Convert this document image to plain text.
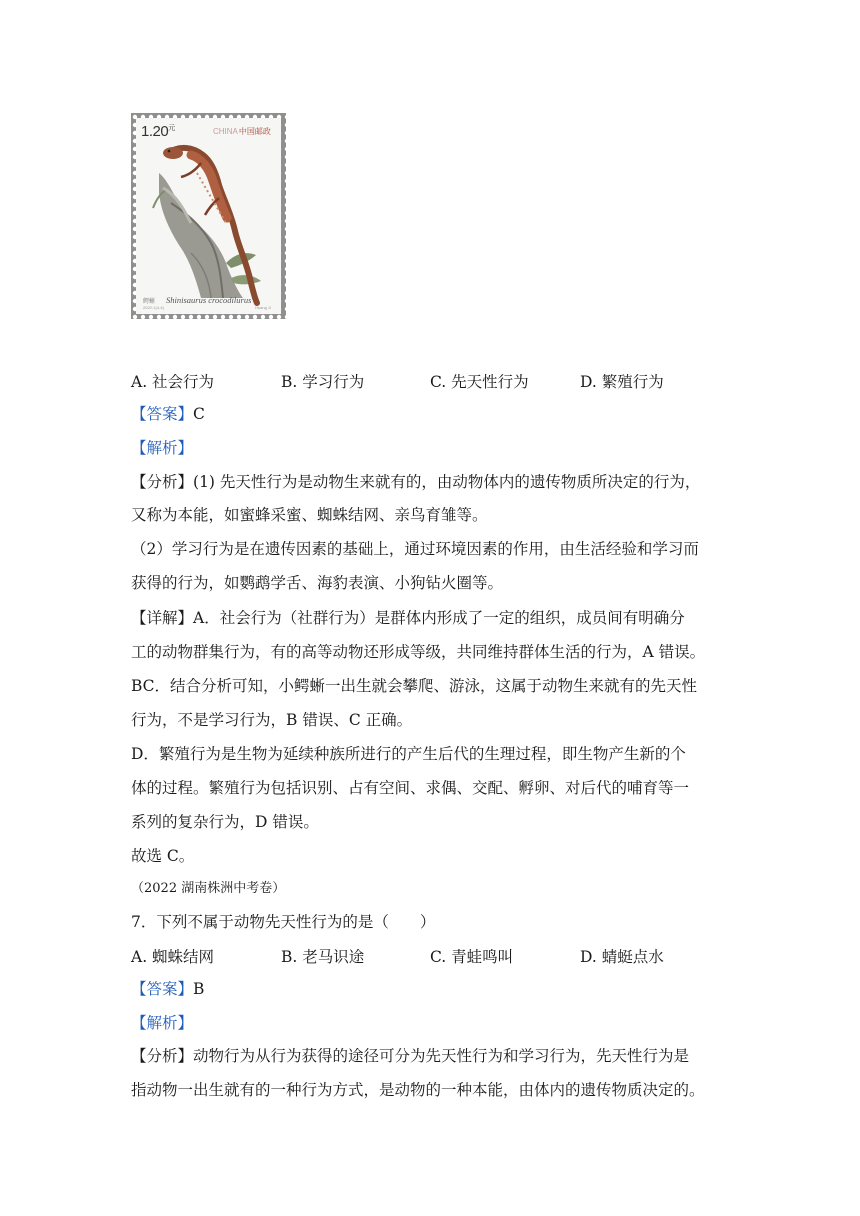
$1.20^元$	CHINA中国邮政
鳄蜥 Shinisaurus crocodilurus
2022-1(4-4)	Huang Ji
A. 社会行为	B. 学习行为	C. 先天性行为	D. 繁殖行为
【答案】C
【解析】
【分析】(1) 先天性行为是动物生来就有的，由动物体内的遗传物质所决定的行为，
又称为本能，如蜜蜂采蜜、蜘蛛结网、亲鸟育雏等。
（2）学习行为是在遗传因素的基础上，通过环境因素的作用，由生活经验和学习而
获得的行为，如鹦鹉学舌、海豹表演、小狗钻火圈等。
【详解】A．社会行为（社群行为）是群体内形成了一定的组织，成员间有明确分
工的动物群集行为，有的高等动物还形成等级，共同维持群体生活的行为，A 错误。
BC．结合分析可知，小鳄蜥一出生就会攀爬、游泳，这属于动物生来就有的先天性
行为，不是学习行为，B 错误、C 正确。
D．繁殖行为是生物为延续种族所进行的产生后代的生理过程，即生物产生新的个
体的过程。繁殖行为包括识别、占有空间、求偶、交配、孵卵、对后代的哺育等一
系列的复杂行为，D 错误。
故选 C。
（2022 湖南株洲中考卷）
7．下列不属于动物先天性行为的是（　　）
A. 蜘蛛结网	B. 老马识途	C. 青蛙鸣叫	D. 蜻蜓点水
【答案】B
【解析】
【分析】动物行为从行为获得的途径可分为先天性行为和学习行为，先天性行为是
指动物一出生就有的一种行为方式，是动物的一种本能，由体内的遗传物质决定的。
